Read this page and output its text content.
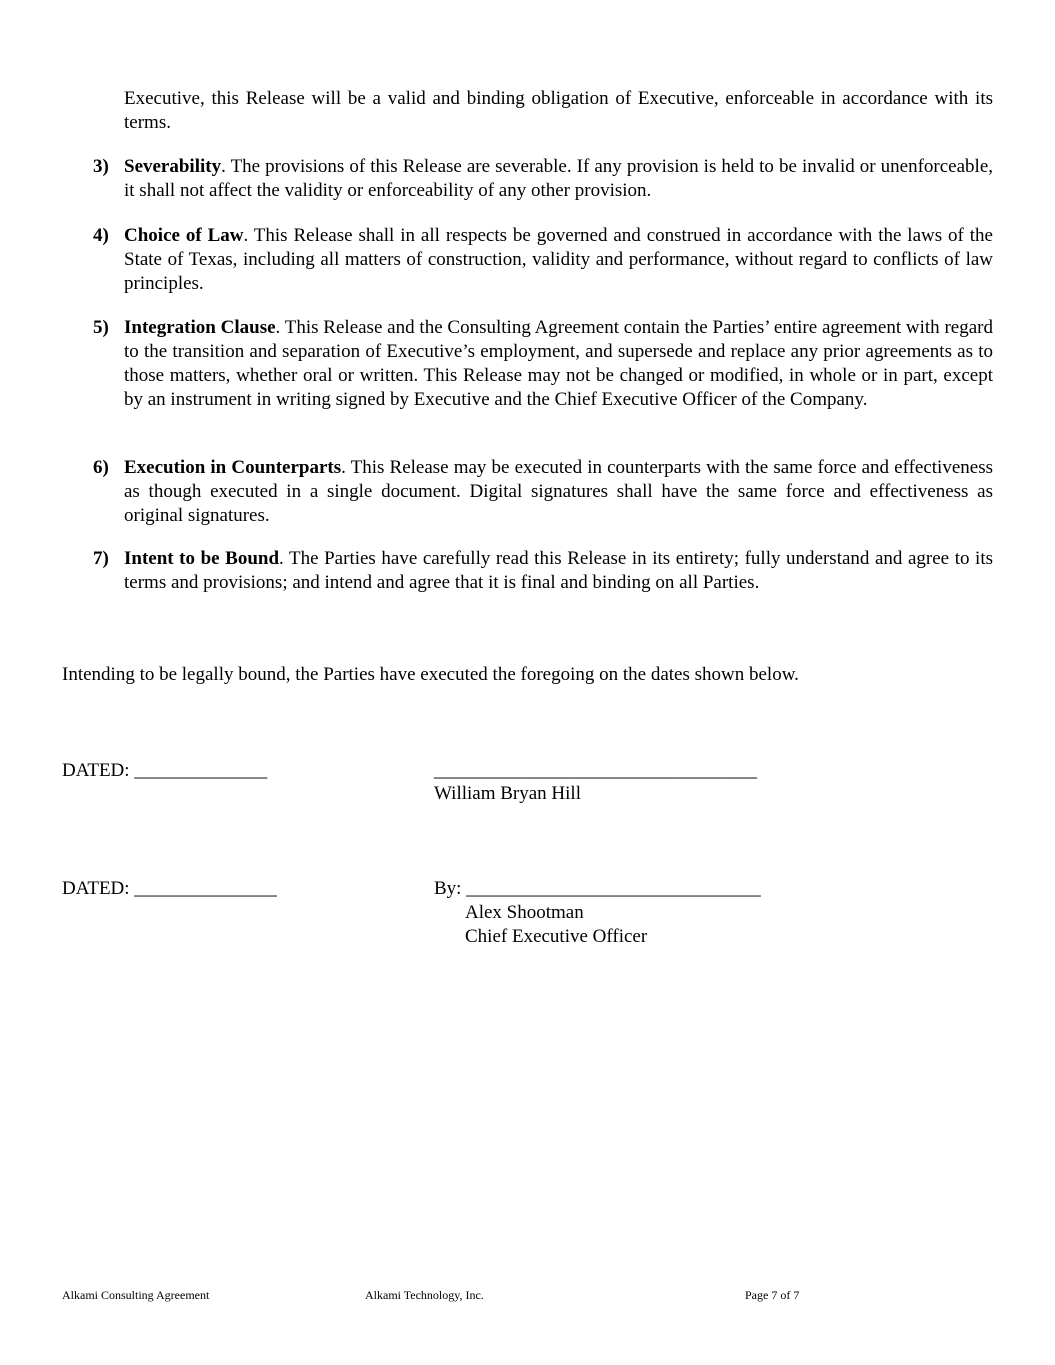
Executive, this Release will be a valid and binding obligation of Executive, enforceable in accordance with its terms.

3) Severability. The provisions of this Release are severable. If any provision is held to be invalid or unenforceable, it shall not affect the validity or enforceability of any other provision.
4) Choice of Law. This Release shall in all respects be governed and construed in accordance with the laws of the State of Texas, including all matters of construction, validity and performance, without regard to conflicts of law principles.
5) Integration Clause. This Release and the Consulting Agreement contain the Parties’ entire agreement with regard to the transition and separation of Executive’s employment, and supersede and replace any prior agreements as to those matters, whether oral or written. This Release may not be changed or modified, in whole or in part, except by an instrument in writing signed by Executive and the Chief Executive Officer of the Company.
6) Execution in Counterparts. This Release may be executed in counterparts with the same force and effectiveness as though executed in a single document. Digital signatures shall have the same force and effectiveness as original signatures.
7) Intent to be Bound. The Parties have carefully read this Release in its entirety; fully understand and agree to its terms and provisions; and intend and agree that it is final and binding on all Parties.
Intending to be legally bound, the Parties have executed the foregoing on the dates shown below.
DATED: ______________	__________________________________
William Bryan Hill
DATED: _______________	By: _______________________________
Alex Shootman
Chief Executive Officer
Alkami Consulting Agreement	Alkami Technology, Inc.	Page 7 of 7
